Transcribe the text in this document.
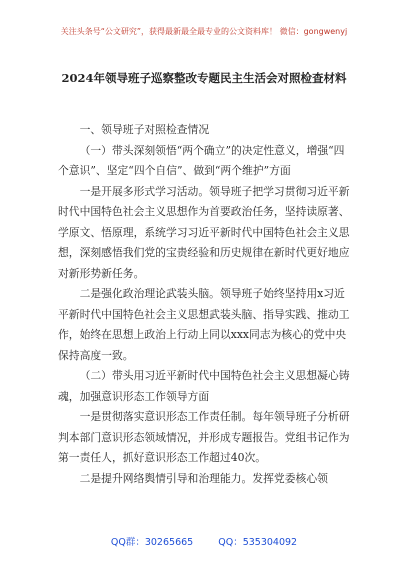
关注头条号“公文研究”，获得最新最全最专业的公文资料库！ 微信：gongwenyj
2024年领导班子巡察整改专题民主生活会对照检查材料

一、领导班子对照检查情况

（一）带头深刻领悟“两个确立”的决定性意义，增强“四个意识”、坚定“四个自信”、做到“两个维护”方面

一是开展多形式学习活动。领导班子把学习贯彻习近平新时代中国特色社会主义思想作为首要政治任务，坚持读原著、学原文、悟原理，系统学习习近平新时代中国特色社会主义思想，深刻感悟我们党的宝贵经验和历史规律在新时代更好地应对新形势新任务。

二是强化政治理论武装头脑。领导班子始终坚持用x习近平新时代中国特色社会主义思想武装头脑、指导实践、推动工作，始终在思想上政治上行动上同以xxx同志为核心的党中央保持高度一致。

（二）带头用习近平新时代中国特色社会主义思想凝心铸魂，加强意识形态工作领导方面

一是贯彻落实意识形态工作责任制。每年领导班子分析研判本部门意识形态领域情况，并形成专题报告。党组书记作为第一责任人，抓好意识形态工作超过40次。

二是提升网络舆情引导和治理能力。发挥党委核心领

QQ群：30265665	QQ：535304092
